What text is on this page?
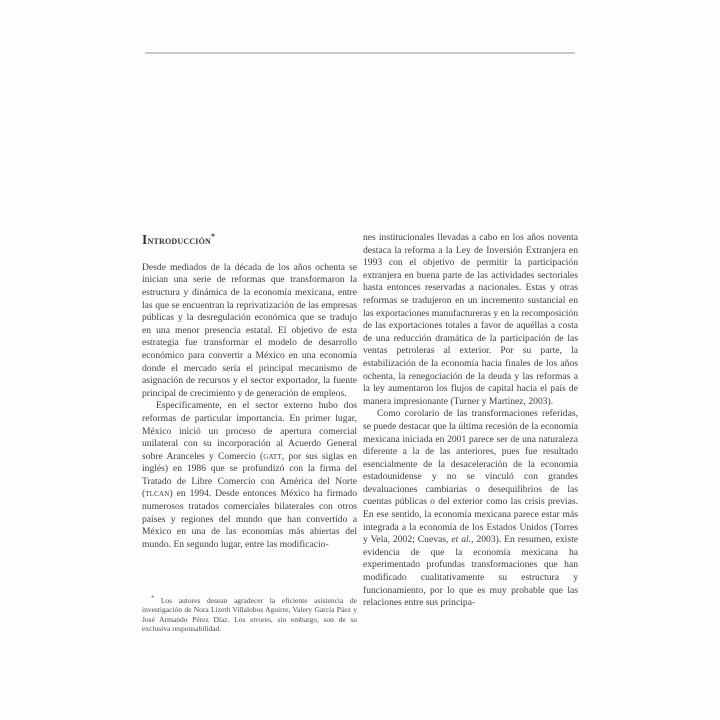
Introducción*

Desde mediados de la década de los años ochenta se inician una serie de reformas que transformaron la estructura y dinámica de la economía mexicana, entre las que se encuentran la reprivatización de las empresas públicas y la desregulación económica que se tradujo en una menor presencia estatal. El objetivo de esta estrategia fue transformar el modelo de desarrollo económico para convertir a México en una economía donde el mercado sería el principal mecanismo de asignación de recursos y el sector exportador, la fuente principal de crecimiento y de generación de empleos.

Específicamente, en el sector externo hubo dos reformas de particular importancia. En primer lugar, México inició un proceso de apertura comercial unilateral con su incorporación al Acuerdo General sobre Aranceles y Comercio (gatt, por sus siglas en inglés) en 1986 que se profundizó con la firma del Tratado de Libre Comercio con América del Norte (tlcan) en 1994. Desde entonces México ha firmado numerosos tratados comerciales bilaterales con otros países y regiones del mundo que han convertido a México en una de las economías más abiertas del mundo. En segundo lugar, entre las modificacio-

nes institucionales llevadas a cabo en los años noventa destaca la reforma a la Ley de Inversión Extranjera en 1993 con el objetivo de permitir la participación extranjera en buena parte de las actividades sectoriales hasta entonces reservadas a nacionales. Estas y otras reformas se tradujeron en un incremento sustancial en las exportaciones manufactureras y en la recomposición de las exportaciones totales a favor de aquéllas a costa de una reducción dramática de la participación de las ventas petroleras al exterior. Por su parte, la estabilización de la economía hacia finales de los años ochenta, la renegociación de la deuda y las reformas a la ley aumentaron los flujos de capital hacia el país de manera impresionante (Turner y Martínez, 2003).

Como corolario de las transformaciones referidas, se puede destacar que la última recesión de la economía mexicana iniciada en 2001 parece ser de una naturaleza diferente a la de las anteriores, pues fue resultado esencialmente de la desaceleración de la economía estadounidense y no se vinculó con grandes devaluaciones cambiarias o desequilibrios de las cuentas públicas o del exterior como las crisis previas. En ese sentido, la economía mexicana parece estar más integrada a la economía de los Estados Unidos (Torres y Vela, 2002; Cuevas, et al., 2003). En resumen, existe evidencia de que la economía mexicana ha experimentado profundas transformaciones que han modificado cualitativamente su estructura y funcionamiento, por lo que es muy probable que las relaciones entre sus principa-

* Los autores desean agradecer la eficiente asistencia de investigación de Nora Lizeth Villalobos Aguirre, Valery García Páez y José Armando Pérez Díaz. Los errores, sin embargo, son de su exclusiva responsabilidad.
